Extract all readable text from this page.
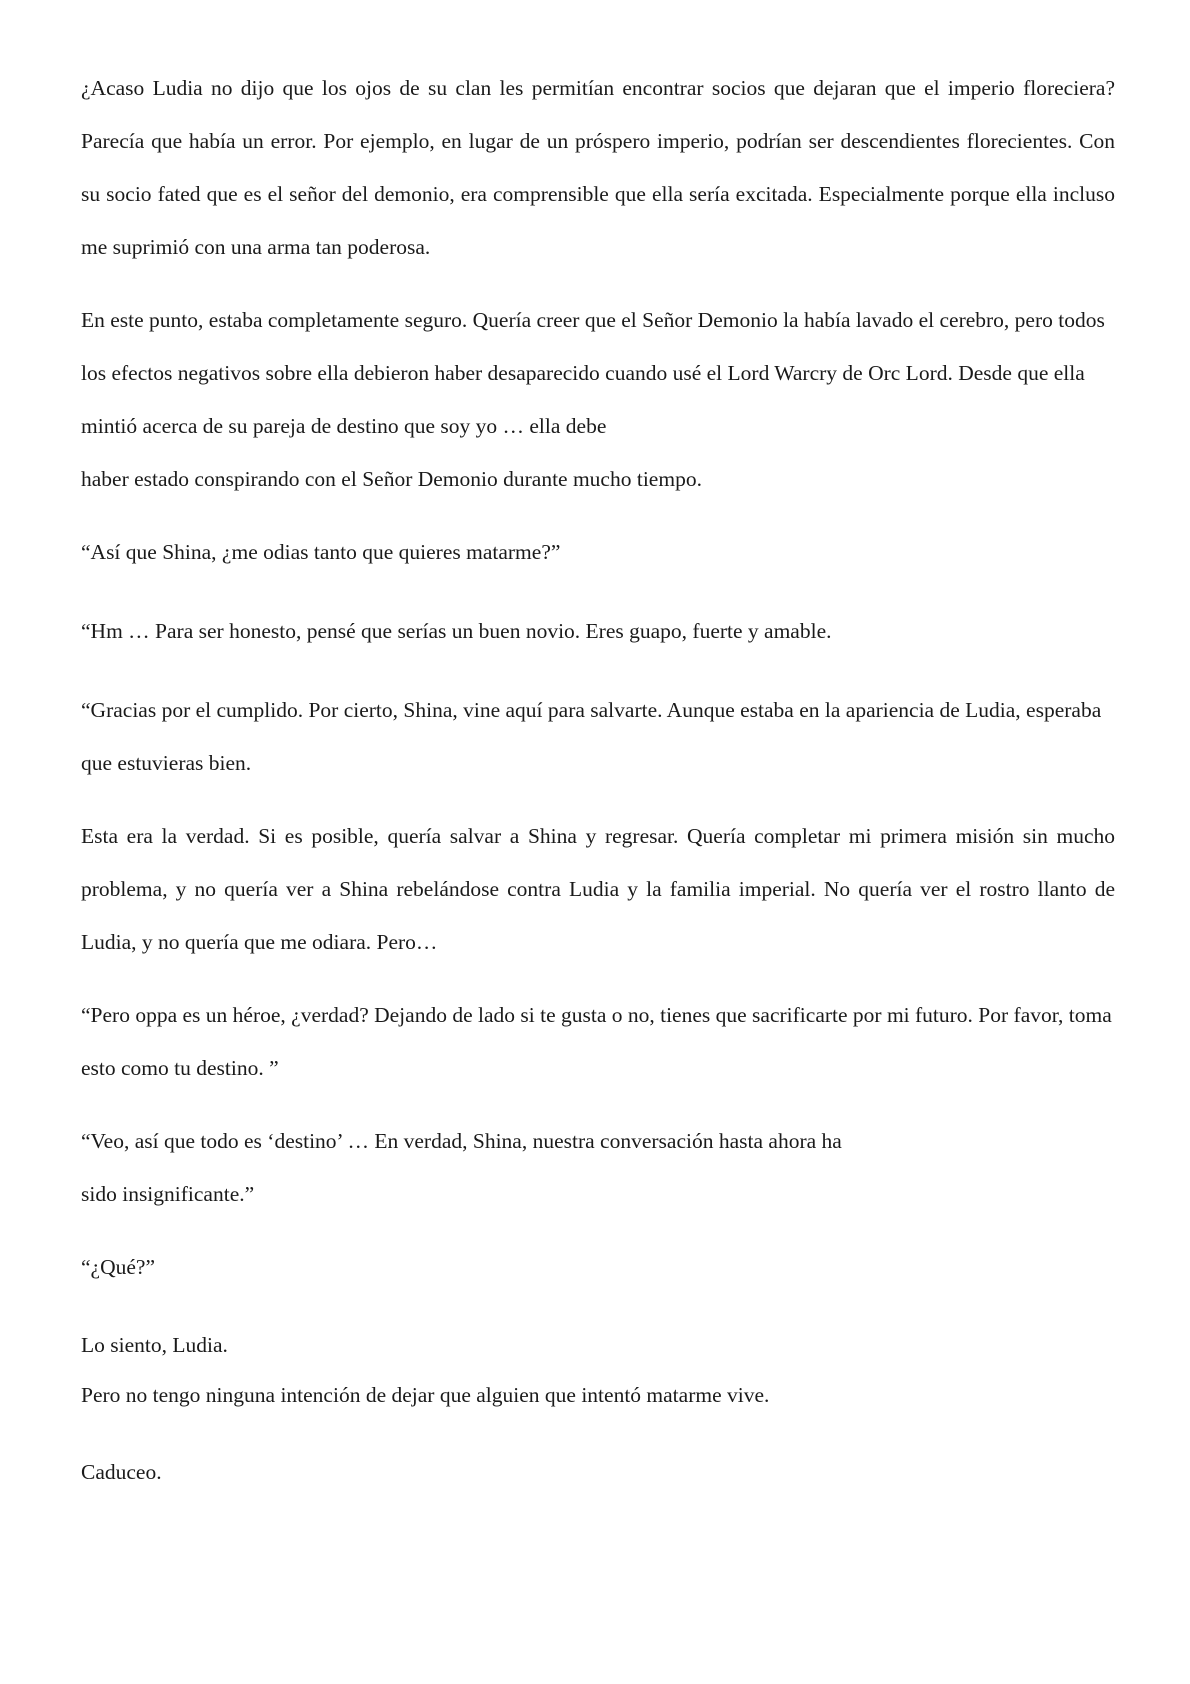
¿Acaso Ludia no dijo que los ojos de su clan les permitían encontrar socios que dejaran que el imperio floreciera? Parecía que había un error. Por ejemplo, en lugar de un próspero imperio, podrían ser descendientes florecientes. Con su socio fated que es el señor del demonio, era comprensible que ella sería excitada. Especialmente porque ella incluso me suprimió con una arma tan poderosa.

En este punto, estaba completamente seguro. Quería creer que el Señor Demonio la había lavado el cerebro, pero todos los efectos negativos sobre ella debieron haber desaparecido cuando usé el Lord Warcry de Orc Lord. Desde que ella mintió acerca de su pareja de destino que soy yo … ella debe
haber estado conspirando con el Señor Demonio durante mucho tiempo.

“Así que Shina, ¿me odias tanto que quieres matarme?”

“Hm … Para ser honesto, pensé que serías un buen novio. Eres guapo, fuerte y amable.

“Gracias por el cumplido. Por cierto, Shina, vine aquí para salvarte. Aunque estaba en la apariencia de Ludia, esperaba que estuvieras bien.

Esta era la verdad. Si es posible, quería salvar a Shina y regresar. Quería completar mi primera misión sin mucho problema, y no quería ver a Shina rebelándose contra Ludia y la familia imperial. No quería ver el rostro llanto de Ludia, y no quería que me odiara. Pero…

“Pero oppa es un héroe, ¿verdad? Dejando de lado si te gusta o no, tienes que sacrificarte por mi futuro. Por favor, toma esto como tu destino. ”

“Veo, así que todo es ‘destino’ … En verdad, Shina, nuestra conversación hasta ahora ha
sido insignificante.”

“¿Qué?”

Lo siento, Ludia.
Pero no tengo ninguna intención de dejar que alguien que intentó matarme vive.

Caduceo.
